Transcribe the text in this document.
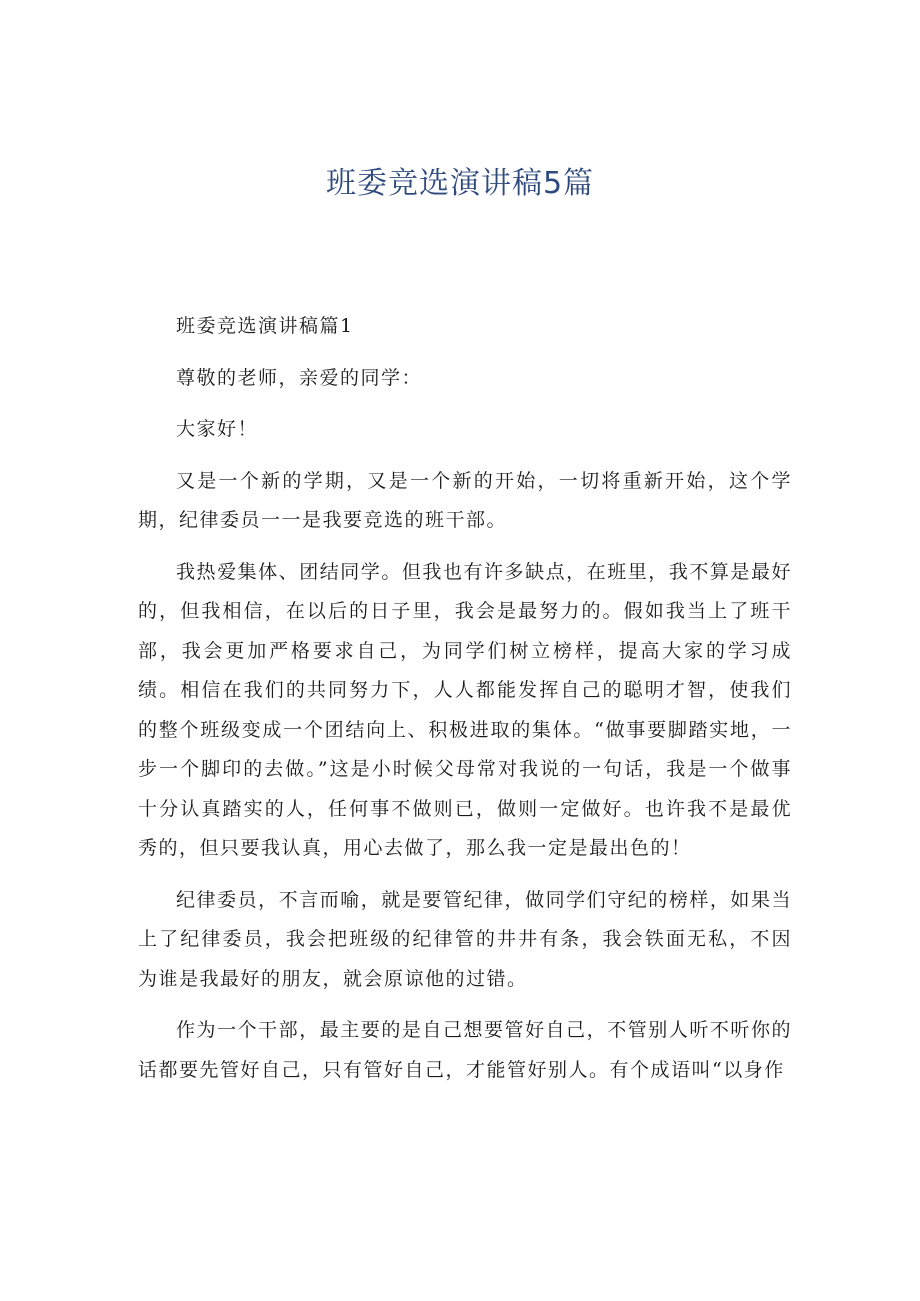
班委竞选演讲稿5篇

班委竞选演讲稿篇1

尊敬的老师，亲爱的同学：

大家好！

又是一个新的学期，又是一个新的开始，一切将重新开始，这个学期，纪律委员一一是我要竞选的班干部。

我热爱集体、团结同学。但我也有许多缺点，在班里，我不算是最好的，但我相信，在以后的日子里，我会是最努力的。假如我当上了班干部，我会更加严格要求自己，为同学们树立榜样，提高大家的学习成绩。相信在我们的共同努力下，人人都能发挥自己的聪明才智，使我们的整个班级变成一个团结向上、积极进取的集体。“做事要脚踏实地，一步一个脚印的去做。”这是小时候父母常对我说的一句话，我是一个做事十分认真踏实的人，任何事不做则已，做则一定做好。也许我不是最优秀的，但只要我认真，用心去做了，那么我一定是最出色的！

纪律委员，不言而喻，就是要管纪律，做同学们守纪的榜样，如果当上了纪律委员，我会把班级的纪律管的井井有条，我会铁面无私，不因为谁是我最好的朋友，就会原谅他的过错。

作为一个干部，最主要的是自己想要管好自己，不管别人听不听你的话都要先管好自己，只有管好自己，才能管好别人。有个成语叫“以身作
